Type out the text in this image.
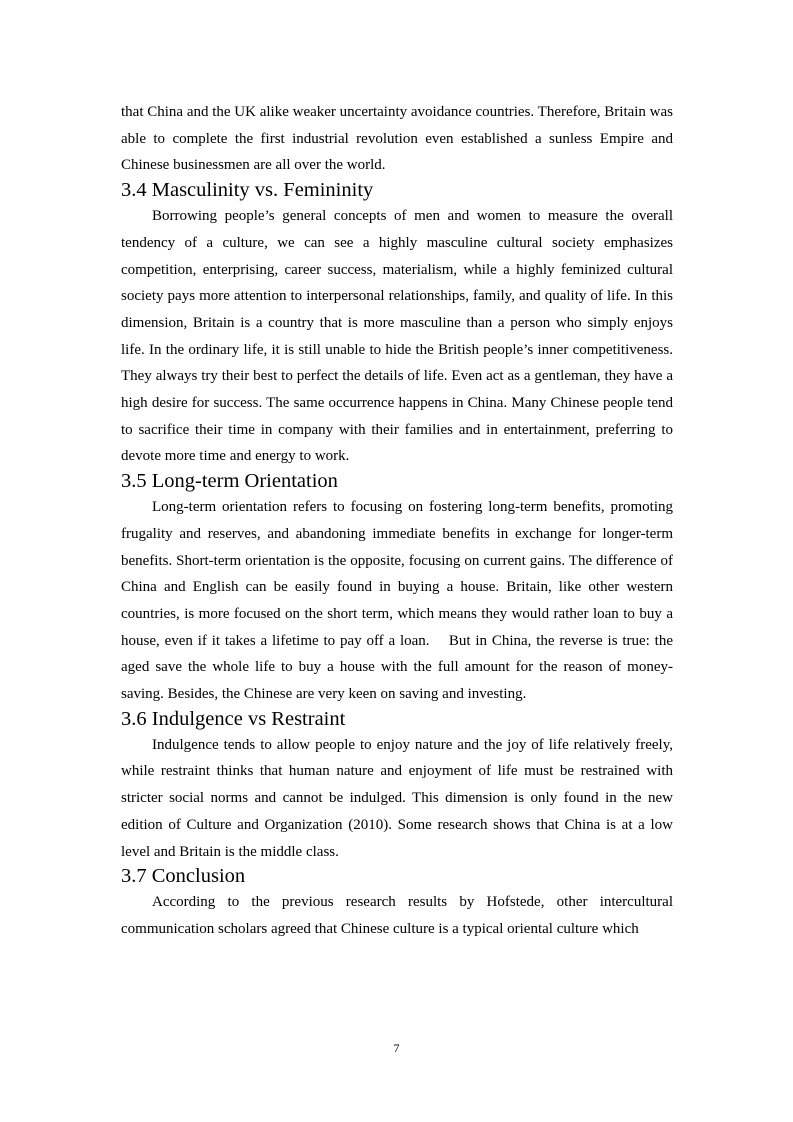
that China and the UK alike weaker uncertainty avoidance countries. Therefore, Britain was able to complete the first industrial revolution even established a sunless Empire and Chinese businessmen are all over the world.

3.4 Masculinity vs. Femininity

Borrowing people’s general concepts of men and women to measure the overall tendency of a culture, we can see a highly masculine cultural society emphasizes competition, enterprising, career success, materialism, while a highly feminized cultural society pays more attention to interpersonal relationships, family, and quality of life. In this dimension, Britain is a country that is more masculine than a person who simply enjoys life. In the ordinary life, it is still unable to hide the British people’s inner competitiveness. They always try their best to perfect the details of life. Even act as a gentleman, they have a high desire for success. The same occurrence happens in China. Many Chinese people tend to sacrifice their time in company with their families and in entertainment, preferring to devote more time and energy to work.

3.5 Long-term Orientation

Long-term orientation refers to focusing on fostering long-term benefits, promoting frugality and reserves, and abandoning immediate benefits in exchange for longer-term benefits. Short-term orientation is the opposite, focusing on current gains. The difference of China and English can be easily found in buying a house. Britain, like other western countries, is more focused on the short term, which means they would rather loan to buy a house, even if it takes a lifetime to pay off a loan.    But in China, the reverse is true: the aged save the whole life to buy a house with the full amount for the reason of money-saving. Besides, the Chinese are very keen on saving and investing.

3.6 Indulgence vs Restraint

Indulgence tends to allow people to enjoy nature and the joy of life relatively freely, while restraint thinks that human nature and enjoyment of life must be restrained with stricter social norms and cannot be indulged. This dimension is only found in the new edition of Culture and Organization (2010). Some research shows that China is at a low level and Britain is the middle class.

3.7 Conclusion

According to the previous research results by Hofstede, other intercultural communication scholars agreed that Chinese culture is a typical oriental culture which

7
